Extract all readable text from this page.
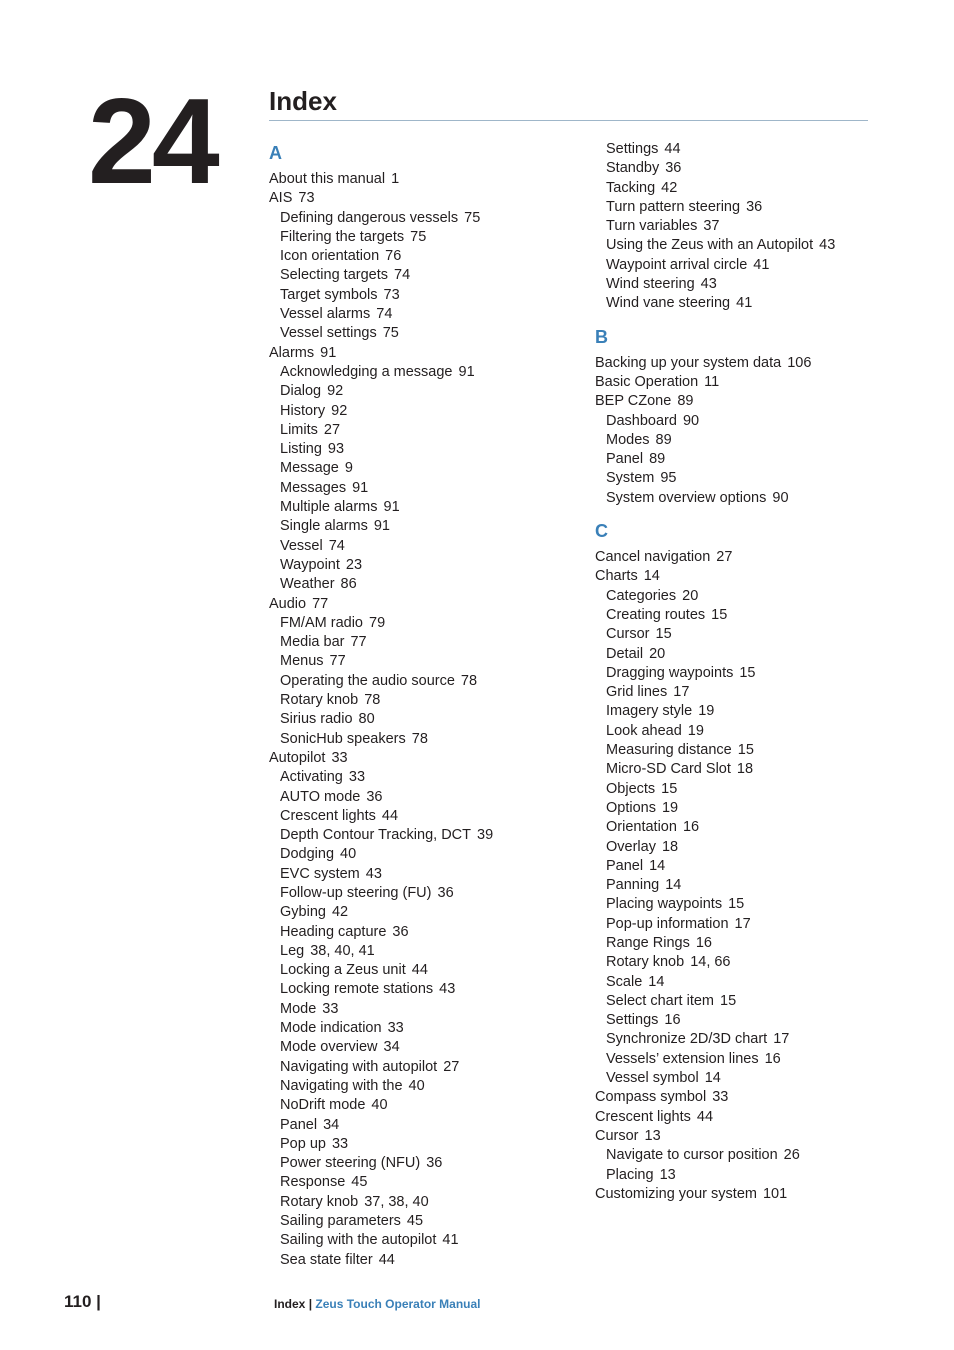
24 Index
A
About this manual 1
AIS 73
Defining dangerous vessels 75
Filtering the targets 75
Icon orientation 76
Selecting targets 74
Target symbols 73
Vessel alarms 74
Vessel settings 75
Alarms 91
Acknowledging a message 91
Dialog 92
History 92
Limits 27
Listing 93
Message 9
Messages 91
Multiple alarms 91
Single alarms 91
Vessel 74
Waypoint 23
Weather 86
Audio 77
FM/AM radio 79
Media bar 77
Menus 77
Operating the audio source 78
Rotary knob 78
Sirius radio 80
SonicHub speakers 78
Autopilot 33
Activating 33
AUTO mode 36
Crescent lights 44
Depth Contour Tracking, DCT 39
Dodging 40
EVC system 43
Follow-up steering (FU) 36
Gybing 42
Heading capture 36
Leg 38, 40, 41
Locking a Zeus unit 44
Locking remote stations 43
Mode 33
Mode indication 33
Mode overview 34
Navigating with autopilot 27
Navigating with the 40
NoDrift mode 40
Panel 34
Pop up 33
Power steering (NFU) 36
Response 45
Rotary knob 37, 38, 40
Sailing parameters 45
Sailing with the autopilot 41
Sea state filter 44
Settings 44
Standby 36
Tacking 42
Turn pattern steering 36
Turn variables 37
Using the Zeus with an Autopilot 43
Waypoint arrival circle 41
Wind steering 43
Wind vane steering 41
B
Backing up your system data 106
Basic Operation 11
BEP CZone 89
Dashboard 90
Modes 89
Panel 89
System 95
System overview options 90
C
Cancel navigation 27
Charts 14
Categories 20
Creating routes 15
Cursor 15
Detail 20
Dragging waypoints 15
Grid lines 17
Imagery style 19
Look ahead 19
Measuring distance 15
Micro-SD Card Slot 18
Objects 15
Options 19
Orientation 16
Overlay 18
Panel 14
Panning 14
Placing waypoints 15
Pop-up information 17
Range Rings 16
Rotary knob 14, 66
Scale 14
Select chart item 15
Settings 16
Synchronize 2D/3D chart 17
Vessels’ extension lines 16
Vessel symbol 14
Compass symbol 33
Crescent lights 44
Cursor 13
Navigate to cursor position 26
Placing 13
Customizing your system 101
110 |	Index | Zeus Touch Operator Manual
